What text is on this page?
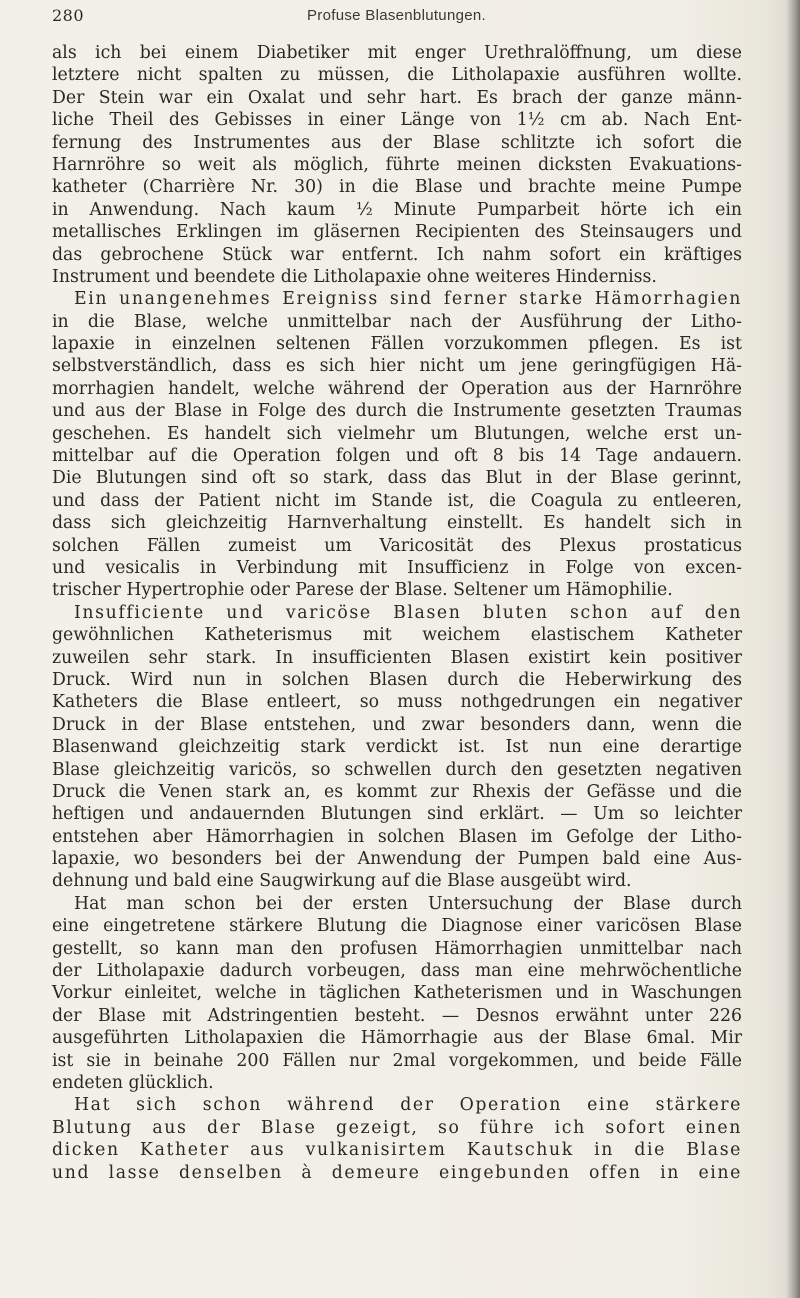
280	Profuse Blasenblutungen.
als ich bei einem Diabetiker mit enger Urethralöffnung, um diese
letztere nicht spalten zu müssen, die Litholapaxie ausführen wollte.
Der Stein war ein Oxalat und sehr hart. Es brach der ganze männ-
liche Theil des Gebisses in einer Länge von 1½ cm ab. Nach Ent-
fernung des Instrumentes aus der Blase schlitzte ich sofort die
Harnröhre so weit als möglich, führte meinen dicksten Evakuations-
katheter (Charrière Nr. 30) in die Blase und brachte meine Pumpe
in Anwendung. Nach kaum ½ Minute Pumparbeit hörte ich ein
metallisches Erklingen im gläsernen Recipienten des Steinsaugers und
das gebrochene Stück war entfernt. Ich nahm sofort ein kräftiges
Instrument und beendete die Litholapaxie ohne weiteres Hinderniss.
Ein unangenehmes Ereigniss sind ferner starke Hämorrhagien
in die Blase, welche unmittelbar nach der Ausführung der Litho-
lapaxie in einzelnen seltenen Fällen vorzukommen pflegen. Es ist
selbstverständlich, dass es sich hier nicht um jene geringfügigen Hä-
morrhagien handelt, welche während der Operation aus der Harnröhre
und aus der Blase in Folge des durch die Instrumente gesetzten Traumas
geschehen. Es handelt sich vielmehr um Blutungen, welche erst un-
mittelbar auf die Operation folgen und oft 8 bis 14 Tage andauern.
Die Blutungen sind oft so stark, dass das Blut in der Blase gerinnt,
und dass der Patient nicht im Stande ist, die Coagula zu entleeren,
dass sich gleichzeitig Harnverhaltung einstellt. Es handelt sich in
solchen Fällen zumeist um Varicosität des Plexus prostaticus
und vesicalis in Verbindung mit Insufficienz in Folge von excen-
trischer Hypertrophie oder Parese der Blase. Seltener um Hämophilie.
Insufficiente und varicöse Blasen bluten schon auf den
gewöhnlichen Katheterismus mit weichem elastischem Katheter
zuweilen sehr stark. In insufficienten Blasen existirt kein positiver
Druck. Wird nun in solchen Blasen durch die Heberwirkung des
Katheters die Blase entleert, so muss nothgedrungen ein negativer
Druck in der Blase entstehen, und zwar besonders dann, wenn die
Blasenwand gleichzeitig stark verdickt ist. Ist nun eine derartige
Blase gleichzeitig varicös, so schwellen durch den gesetzten negativen
Druck die Venen stark an, es kommt zur Rhexis der Gefässe und die
heftigen und andauernden Blutungen sind erklärt. — Um so leichter
entstehen aber Hämorrhagien in solchen Blasen im Gefolge der Litho-
lapaxie, wo besonders bei der Anwendung der Pumpen bald eine Aus-
dehnung und bald eine Saugwirkung auf die Blase ausgeübt wird.
Hat man schon bei der ersten Untersuchung der Blase durch
eine eingetretene stärkere Blutung die Diagnose einer varicösen Blase
gestellt, so kann man den profusen Hämorrhagien unmittelbar nach
der Litholapaxie dadurch vorbeugen, dass man eine mehrwöchentliche
Vorkur einleitet, welche in täglichen Katheterismen und in Waschungen
der Blase mit Adstringentien besteht. — Desnos erwähnt unter 226
ausgeführten Litholapaxien die Hämorrhagie aus der Blase 6mal. Mir
ist sie in beinahe 200 Fällen nur 2mal vorgekommen, und beide Fälle
endeten glücklich.
Hat sich schon während der Operation eine stärkere
Blutung aus der Blase gezeigt, so führe ich sofort einen
dicken Katheter aus vulkanisirtem Kautschuk in die Blase
und lasse denselben à demeure eingebunden offen in eine
